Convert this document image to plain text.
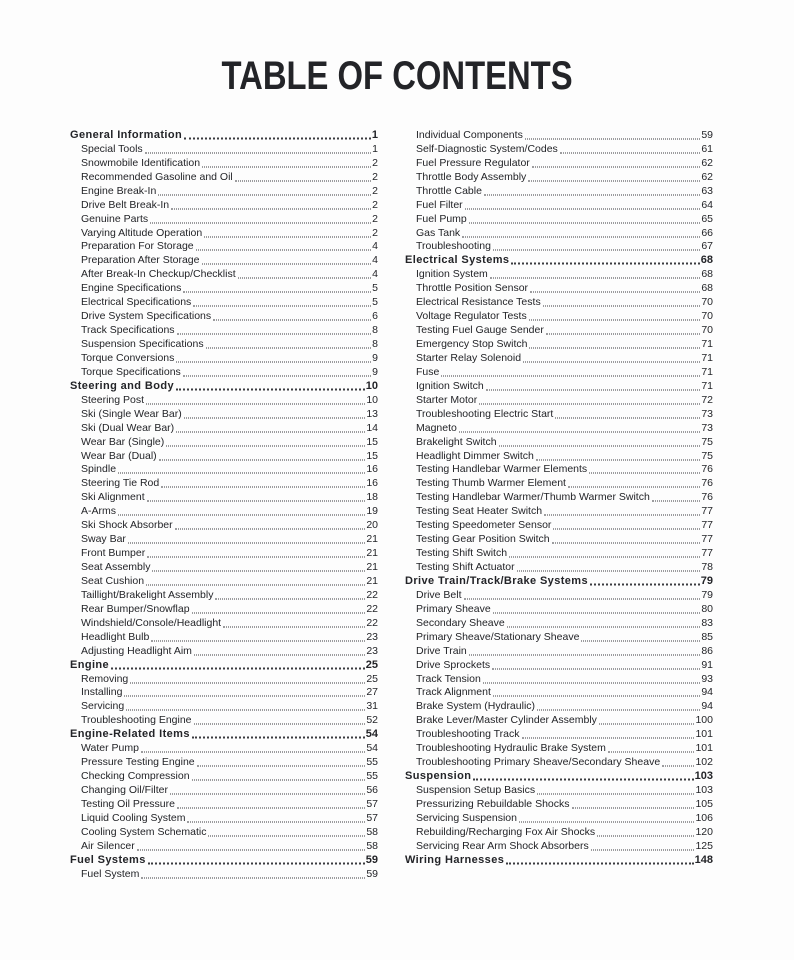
TABLE OF CONTENTS
General Information	1
Special Tools	1
Snowmobile Identification	2
Recommended Gasoline and Oil	2
Engine Break-In	2
Drive Belt Break-In	2
Genuine Parts	2
Varying Altitude Operation	2
Preparation For Storage	4
Preparation After Storage	4
After Break-In Checkup/Checklist	4
Engine Specifications	5
Electrical Specifications	5
Drive System Specifications	6
Track Specifications	8
Suspension Specifications	8
Torque Conversions	9
Torque Specifications	9
Steering and Body	10
Steering Post	10
Ski (Single Wear Bar)	13
Ski (Dual Wear Bar)	14
Wear Bar (Single)	15
Wear Bar (Dual)	15
Spindle	16
Steering Tie Rod	16
Ski Alignment	18
A-Arms	19
Ski Shock Absorber	20
Sway Bar	21
Front Bumper	21
Seat Assembly	21
Seat Cushion	21
Taillight/Brakelight Assembly	22
Rear Bumper/Snowflap	22
Windshield/Console/Headlight	22
Headlight Bulb	23
Adjusting Headlight Aim	23
Engine	25
Removing	25
Installing	27
Servicing	31
Troubleshooting Engine	52
Engine-Related Items	54
Water Pump	54
Pressure Testing Engine	55
Checking Compression	55
Changing Oil/Filter	56
Testing Oil Pressure	57
Liquid Cooling System	57
Cooling System Schematic	58
Air Silencer	58
Fuel Systems	59
Fuel System	59
Individual Components	59
Self-Diagnostic System/Codes	61
Fuel Pressure Regulator	62
Throttle Body Assembly	62
Throttle Cable	63
Fuel Filter	64
Fuel Pump	65
Gas Tank	66
Troubleshooting	67
Electrical Systems	68
Ignition System	68
Throttle Position Sensor	68
Electrical Resistance Tests	70
Voltage Regulator Tests	70
Testing Fuel Gauge Sender	70
Emergency Stop Switch	71
Starter Relay Solenoid	71
Fuse	71
Ignition Switch	71
Starter Motor	72
Troubleshooting Electric Start	73
Magneto	73
Brakelight Switch	75
Headlight Dimmer Switch	75
Testing Handlebar Warmer Elements	76
Testing Thumb Warmer Element	76
Testing Handlebar Warmer/Thumb Warmer Switch	76
Testing Seat Heater Switch	77
Testing Speedometer Sensor	77
Testing Gear Position Switch	77
Testing Shift Switch	77
Testing Shift Actuator	78
Drive Train/Track/Brake Systems	79
Drive Belt	79
Primary Sheave	80
Secondary Sheave	83
Primary Sheave/Stationary Sheave	85
Drive Train	86
Drive Sprockets	91
Track Tension	93
Track Alignment	94
Brake System (Hydraulic)	94
Brake Lever/Master Cylinder Assembly	100
Troubleshooting Track	101
Troubleshooting Hydraulic Brake System	101
Troubleshooting Primary Sheave/Secondary Sheave	102
Suspension	103
Suspension Setup Basics	103
Pressurizing Rebuildable Shocks	105
Servicing Suspension	106
Rebuilding/Recharging Fox Air Shocks	120
Servicing Rear Arm Shock Absorbers	125
Wiring Harnesses	148
